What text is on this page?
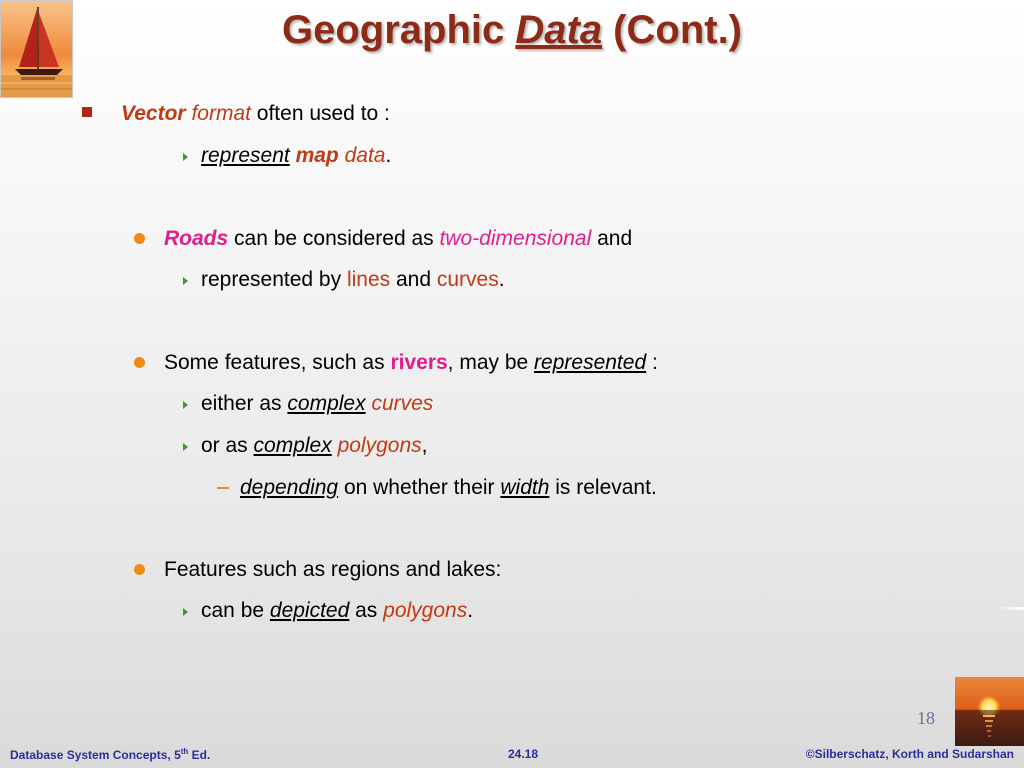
Geographic Data (Cont.)
Vector format often used to :
represent map data.
Roads can be considered as two-dimensional and
represented by lines and curves.
Some features, such as rivers, may be represented :
either as complex curves
or as complex polygons,
depending on whether their width is relevant.
Features such as regions and lakes:
can be depicted as polygons.
18
Database System Concepts, 5th Ed.	24.18	©Silberschatz, Korth and Sudarshan
